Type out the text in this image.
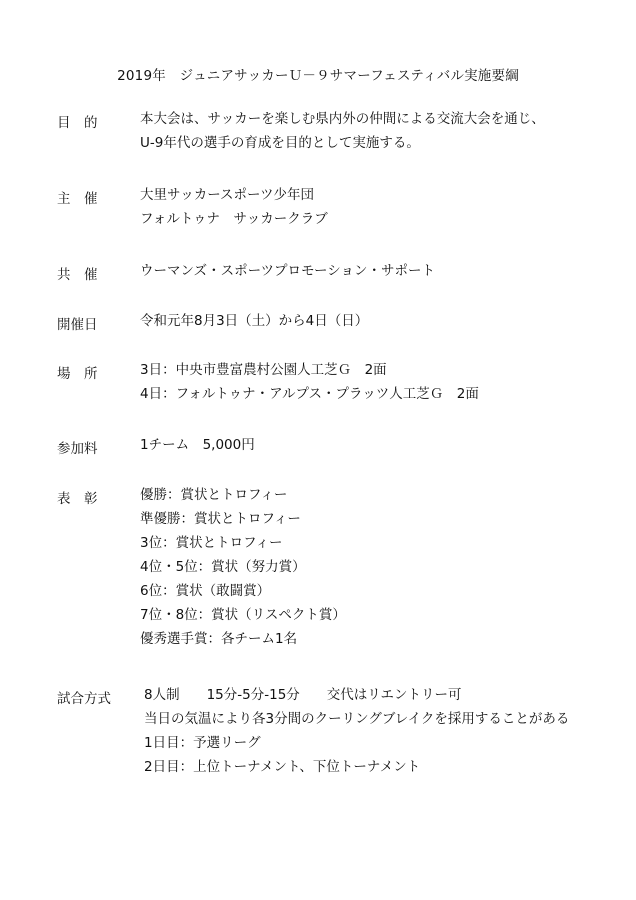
2019年　ジュニアサッカーＵ－９サマーフェスティバル実施要綱
目　的	本大会は、サッカーを楽しむ県内外の仲間による交流大会を通じ、
U-9年代の選手の育成を目的として実施する。
主　催	大里サッカースポーツ少年団
フォルトゥナ　サッカークラブ
共　催	ウーマンズ・スポーツプロモーション・サポート
開催日	令和元年8月3日（土）から4日（日）
場　所	3日：中央市豊富農村公園人工芝Ｇ　2面
4日：フォルトゥナ・アルプス・プラッツ人工芝Ｇ　2面
参加料	1チーム　5,000円
表　彰	優勝：賞状とトロフィー
準優勝：賞状とトロフィー
3位：賞状とトロフィー
4位・5位：賞状（努力賞）
6位：賞状（敢闘賞）
7位・8位：賞状（リスペクト賞）
優秀選手賞：各チーム1名
試合方式 8人制　　15分-5分-15分　　交代はリエントリー可
当日の気温により各3分間のクーリングブレイクを採用することがある
1日目：予選リーグ
2日目：上位トーナメント、下位トーナメント
